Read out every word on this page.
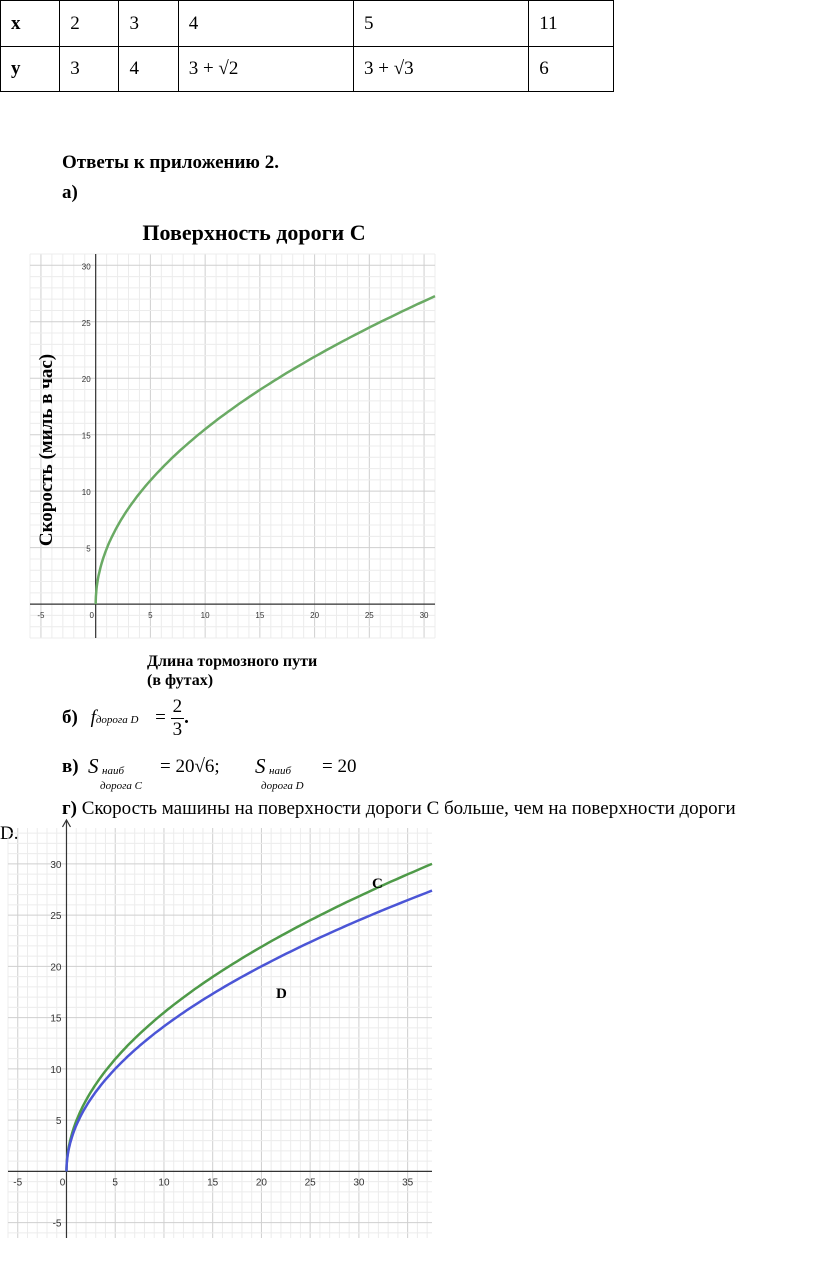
x	2	3	4	5	11
y	3	4	3 + √2	3 + √3	6
Ответы к приложению 2.
а)
Поверхность дороги C
-5	0	5	10	15	20	25	30
5
10
15
20
25
30
Скорость (миль в час)
Длина тормозного пути
(в футах)
б) fдорога $D = \frac{2}{3}$ .
в) S наиб
дорога C
= 20√6; S наиб
дорога D
= 20
г) Скорость машины на поверхности дороги C больше, чем на поверхности дороги
D.
-5	0	5	10	15	20	25	30	35
-5
5
10
15
20
25
30
C
D
